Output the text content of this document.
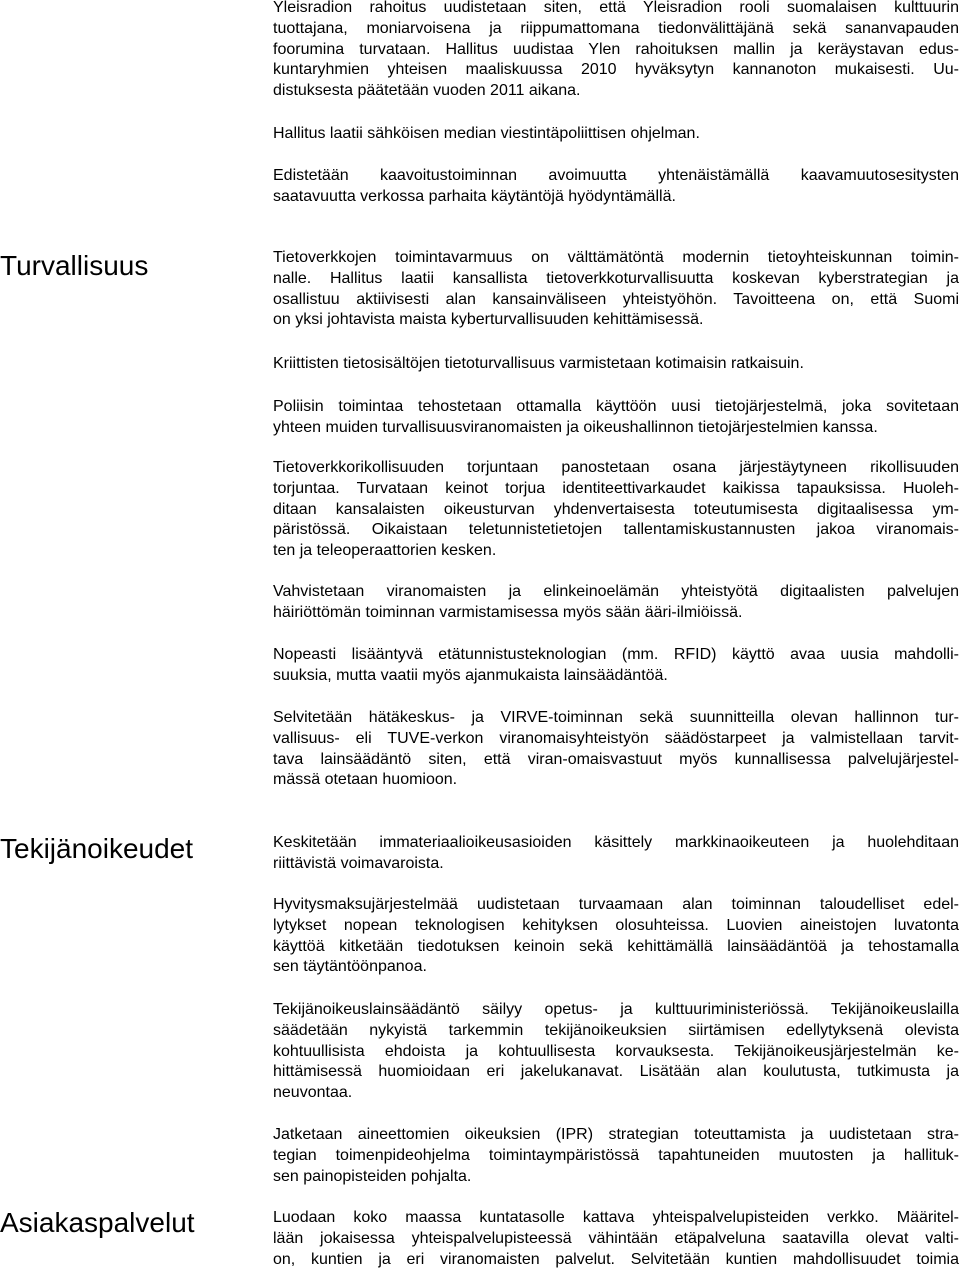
Yleisradion rahoitus uudistetaan siten, että Yleisradion rooli suomalaisen kulttuurin
tuottajana, moniarvoisena ja riippumattomana tiedonvälittäjänä sekä sananvapauden
foorumina turvataan. Hallitus uudistaa Ylen rahoituksen mallin ja keräystavan edus-
kuntaryhmien yhteisen maaliskuussa 2010 hyväksytyn kannanoton mukaisesti. Uu-
distuksesta päätetään vuoden 2011 aikana.
Hallitus laatii sähköisen median viestintäpoliittisen ohjelman.
Edistetään kaavoitustoiminnan avoimuutta yhtenäistämällä kaavamuutosesitysten
saatavuutta verkossa parhaita käytäntöjä hyödyntämällä.
Turvallisuus	Tietoverkkojen toimintavarmuus on välttämätöntä modernin tietoyhteiskunnan toimin-
nalle. Hallitus laatii kansallista tietoverkkoturvallisuutta koskevan kyberstrategian ja
osallistuu aktiivisesti alan kansainväliseen yhteistyöhön. Tavoitteena on, että Suomi
on yksi johtavista maista kyberturvallisuuden kehittämisessä.
Kriittisten tietosisältöjen tietoturvallisuus varmistetaan kotimaisin ratkaisuin.
Poliisin toimintaa tehostetaan ottamalla käyttöön uusi tietojärjestelmä, joka sovitetaan
yhteen muiden turvallisuusviranomaisten ja oikeushallinnon tietojärjestelmien kanssa.
Tietoverkkorikollisuuden torjuntaan panostetaan osana järjestäytyneen rikollisuuden
torjuntaa. Turvataan keinot torjua identiteettivarkaudet kaikissa tapauksissa. Huoleh-
ditaan kansalaisten oikeusturvan yhdenvertaisesta toteutumisesta digitaalisessa ym-
päristössä. Oikaistaan teletunnistetietojen tallentamiskustannusten jakoa viranomais-
ten ja teleoperaattorien kesken.
Vahvistetaan viranomaisten ja elinkeinoelämän yhteistyötä digitaalisten palvelujen
häiriöttömän toiminnan varmistamisessa myös sään ääri-ilmiöissä.
Nopeasti lisääntyvä etätunnistusteknologian (mm. RFID) käyttö avaa uusia mahdolli-
suuksia, mutta vaatii myös ajanmukaista lainsäädäntöä.
Selvitetään hätäkeskus- ja VIRVE-toiminnan sekä suunnitteilla olevan hallinnon tur-
vallisuus- eli TUVE-verkon viranomaisyhteistyön säädöstarpeet ja valmistellaan tarvit-
tava lainsäädäntö siten, että viran-omaisvastuut myös kunnallisessa palvelujärjestel-
mässä otetaan huomioon.
Tekijänoikeudet	Keskitetään immateriaalioikeusasioiden käsittely markkinaoikeuteen ja huolehditaan
riittävistä voimavaroista.
Hyvitysmaksujärjestelmää uudistetaan turvaamaan alan toiminnan taloudelliset edel-
lytykset nopean teknologisen kehityksen olosuhteissa. Luovien aineistojen luvatonta
käyttöä kitketään tiedotuksen keinoin sekä kehittämällä lainsäädäntöä ja tehostamalla
sen täytäntöönpanoa.
Tekijänoikeuslainsäädäntö säilyy opetus- ja kulttuuriministeriössä. Tekijänoikeuslailla
säädetään nykyistä tarkemmin tekijänoikeuksien siirtämisen edellytyksenä olevista
kohtuullisista ehdoista ja kohtuullisesta korvauksesta. Tekijänoikeusjärjestelmän ke-
hittämisessä huomioidaan eri jakelukanavat. Lisätään alan koulutusta, tutkimusta ja
neuvontaa.
Jatketaan aineettomien oikeuksien (IPR) strategian toteuttamista ja uudistetaan stra-
tegian toimenpideohjelma toimintaympäristössä tapahtuneiden muutosten ja hallituk-
sen painopisteiden pohjalta.
Asiakaspalvelut	Luodaan koko maassa kuntatasolle kattava yhteispalvelupisteiden verkko. Määritel-
lään jokaisessa yhteispalvelupisteessä vähintään etäpalveluna saatavilla olevat valti-
on, kuntien ja eri viranomaisten palvelut. Selvitetään kuntien mahdollisuudet toimia
